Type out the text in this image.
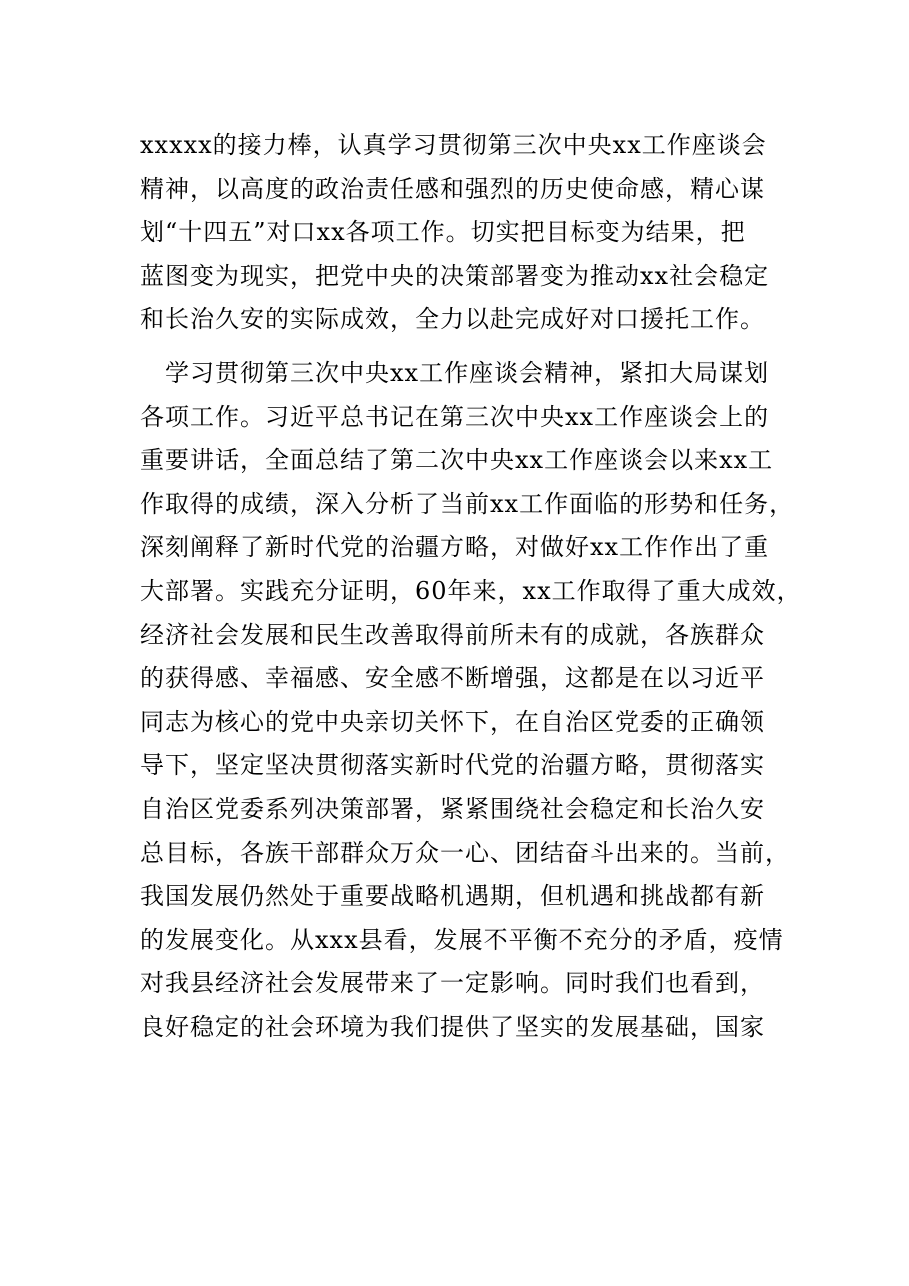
xxxxx的接力棒，认真学习贯彻第三次中央xx工作座谈会
精神，以高度的政治责任感和强烈的历史使命感，精心谋
划“十四五”对口xx各项工作。切实把目标变为结果，把
蓝图变为现实，把党中央的决策部署变为推动xx社会稳定
和长治久安的实际成效，全力以赴完成好对口援托工作。
　学习贯彻第三次中央xx工作座谈会精神，紧扣大局谋划
各项工作。习近平总书记在第三次中央xx工作座谈会上的
重要讲话，全面总结了第二次中央xx工作座谈会以来xx工
作取得的成绩，深入分析了当前xx工作面临的形势和任务，
深刻阐释了新时代党的治疆方略，对做好xx工作作出了重
大部署。实践充分证明，60年来，xx工作取得了重大成效，
经济社会发展和民生改善取得前所未有的成就，各族群众
的获得感、幸福感、安全感不断增强，这都是在以习近平
同志为核心的党中央亲切关怀下，在自治区党委的正确领
导下，坚定坚决贯彻落实新时代党的治疆方略，贯彻落实
自治区党委系列决策部署，紧紧围绕社会稳定和长治久安
总目标，各族干部群众万众一心、团结奋斗出来的。当前，
我国发展仍然处于重要战略机遇期，但机遇和挑战都有新
的发展变化。从xxx县看，发展不平衡不充分的矛盾，疫情
对我县经济社会发展带来了一定影响。同时我们也看到，
良好稳定的社会环境为我们提供了坚实的发展基础，国家
